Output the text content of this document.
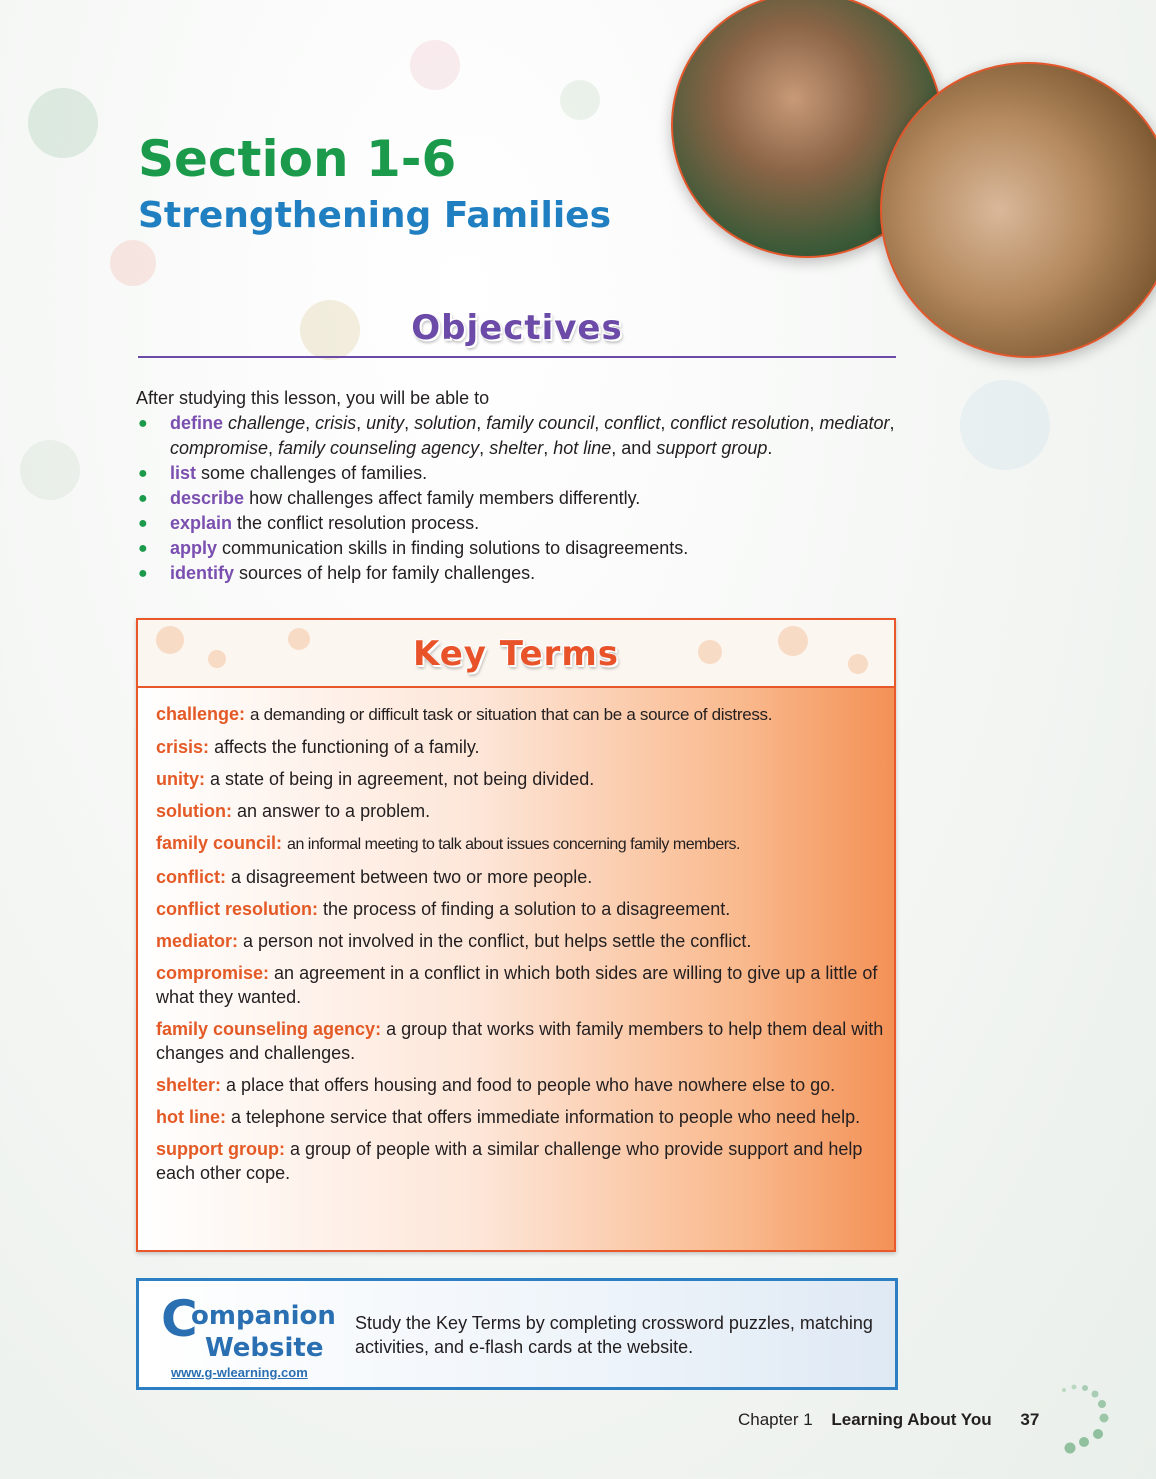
Section 1-6
Strengthening Families
Objectives
After studying this lesson, you will be able to
● define challenge, crisis, unity, solution, family council, conflict, conflict resolution, mediator, compromise, family counseling agency, shelter, hot line, and support group.
● list some challenges of families.
● describe how challenges affect family members differently.
● explain the conflict resolution process.
● apply communication skills in finding solutions to disagreements.
● identify sources of help for family challenges.
Key Terms
challenge: a demanding or difficult task or situation that can be a source of distress.
crisis: affects the functioning of a family.
unity: a state of being in agreement, not being divided.
solution: an answer to a problem.
family council: an informal meeting to talk about issues concerning family members.
conflict: a disagreement between two or more people.
conflict resolution: the process of finding a solution to a disagreement.
mediator: a person not involved in the conflict, but helps settle the conflict.
compromise: an agreement in a conflict in which both sides are willing to give up a little of what they wanted.
family counseling agency: a group that works with family members to help them deal with changes and challenges.
shelter: a place that offers housing and food to people who have nowhere else to go.
hot line: a telephone service that offers immediate information to people who need help.
support group: a group of people with a similar challenge who provide support and help each other cope.
C
ompanion
Website
www.g-wlearning.com
Study the Key Terms by completing crossword puzzles, matching activities, and e-flash cards at the website.
Chapter 1 Learning About You 37
